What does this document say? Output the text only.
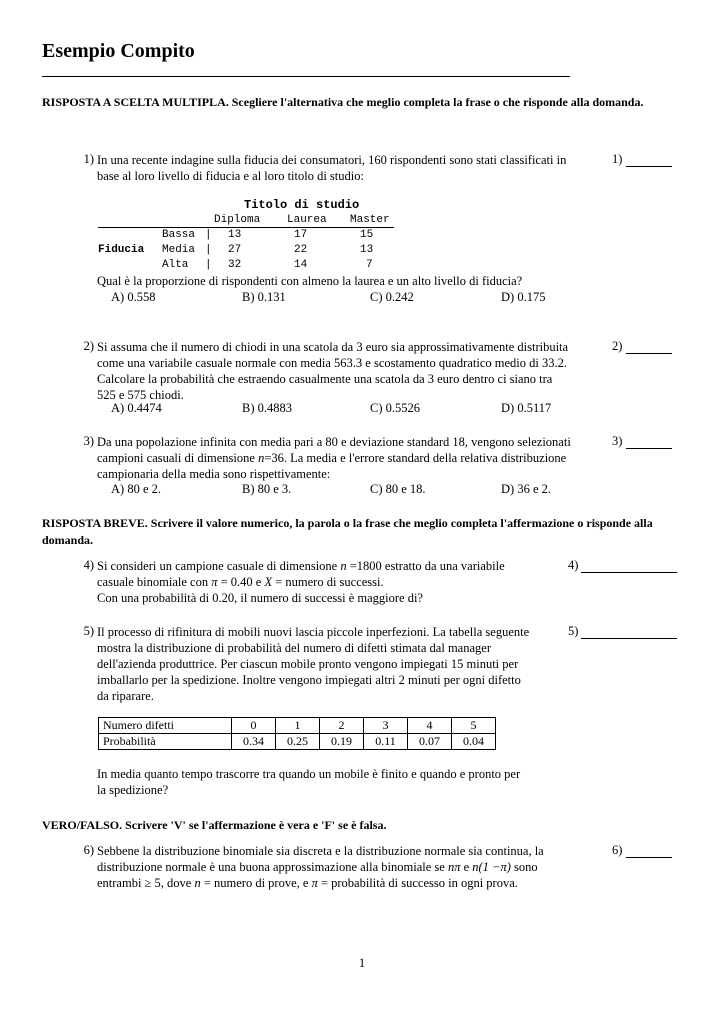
Esempio Compito
RISPOSTA A SCELTA MULTIPLA. Scegliere l'alternativa che meglio completa la frase o che risponde alla domanda.
1) In una recente indagine sulla fiducia dei consumatori, 160 rispondenti sono stati classificati in
base al loro livello di fiducia e al loro titolo di studio:
1)
Titolo di studio
Diploma Laurea Master
Fiducia
Bassa | 13	17	15
Media | 27	22	13
Alta | 32	14	7
Qual è la proporzione di rispondenti con almeno la laurea e un alto livello di fiducia?
A) 0.558	B) 0.131	C) 0.242	D) 0.175
2) Si assuma che il numero di chiodi in una scatola da 3 euro sia approssimativamente distribuita
come una variabile casuale normale con media 563.3 e scostamento quadratico medio di 33.2.
Calcolare la probabilità che estraendo casualmente una scatola da 3 euro dentro ci siano tra
525 e 575 chiodi.
2)
A) 0.4474	B) 0.4883	C) 0.5526	D) 0.5117
3) Da una popolazione infinita con media pari a 80 e deviazione standard 18, vengono selezionati
campioni casuali di dimensione n=36. La media e l'errore standard della relativa distribuzione
campionaria della media sono rispettivamente:
3)
A) 80 e 2.	B) 80 e 3.	C) 80 e 18.	D) 36 e 2.
RISPOSTA BREVE. Scrivere il valore numerico, la parola o la frase che meglio completa l'affermazione o risponde alla domanda.
4) Si consideri un campione casuale di dimensione n =1800 estratto da una variabile
casuale binomiale con π = 0.40 e X = numero di successi.
Con una probabilità di 0.20, il numero di successi è maggiore di?
4)
5) Il processo di rifinitura di mobili nuovi lascia piccole inperfezioni. La tabella seguente
mostra la distribuzione di probabilità del numero di difetti stimata dal manager
dell'azienda produttrice. Per ciascun mobile pronto vengono impiegati 15 minuti per
imballarlo per la spedizione. Inoltre vengono impiegati altri 2 minuti per ogni difetto
da riparare.
5)
Numero difetti	0	1	2	3	4	5
Probabilità	0.34	0.25	0.19	0.11	0.07	0.04
In media quanto tempo trascorre tra quando un mobile è finito e quando e pronto per
la spedizione?
VERO/FALSO. Scrivere 'V' se l'affermazione è vera e 'F' se è falsa.
6) Sebbene la distribuzione binomiale sia discreta e la distribuzione normale sia continua, la
distribuzione normale è una buona approssimazione alla binomiale se nπ e n(1 −π) sono
entrambi ≥ 5, dove n = numero di prove, e π = probabilità di successo in ogni prova.
6)
1
